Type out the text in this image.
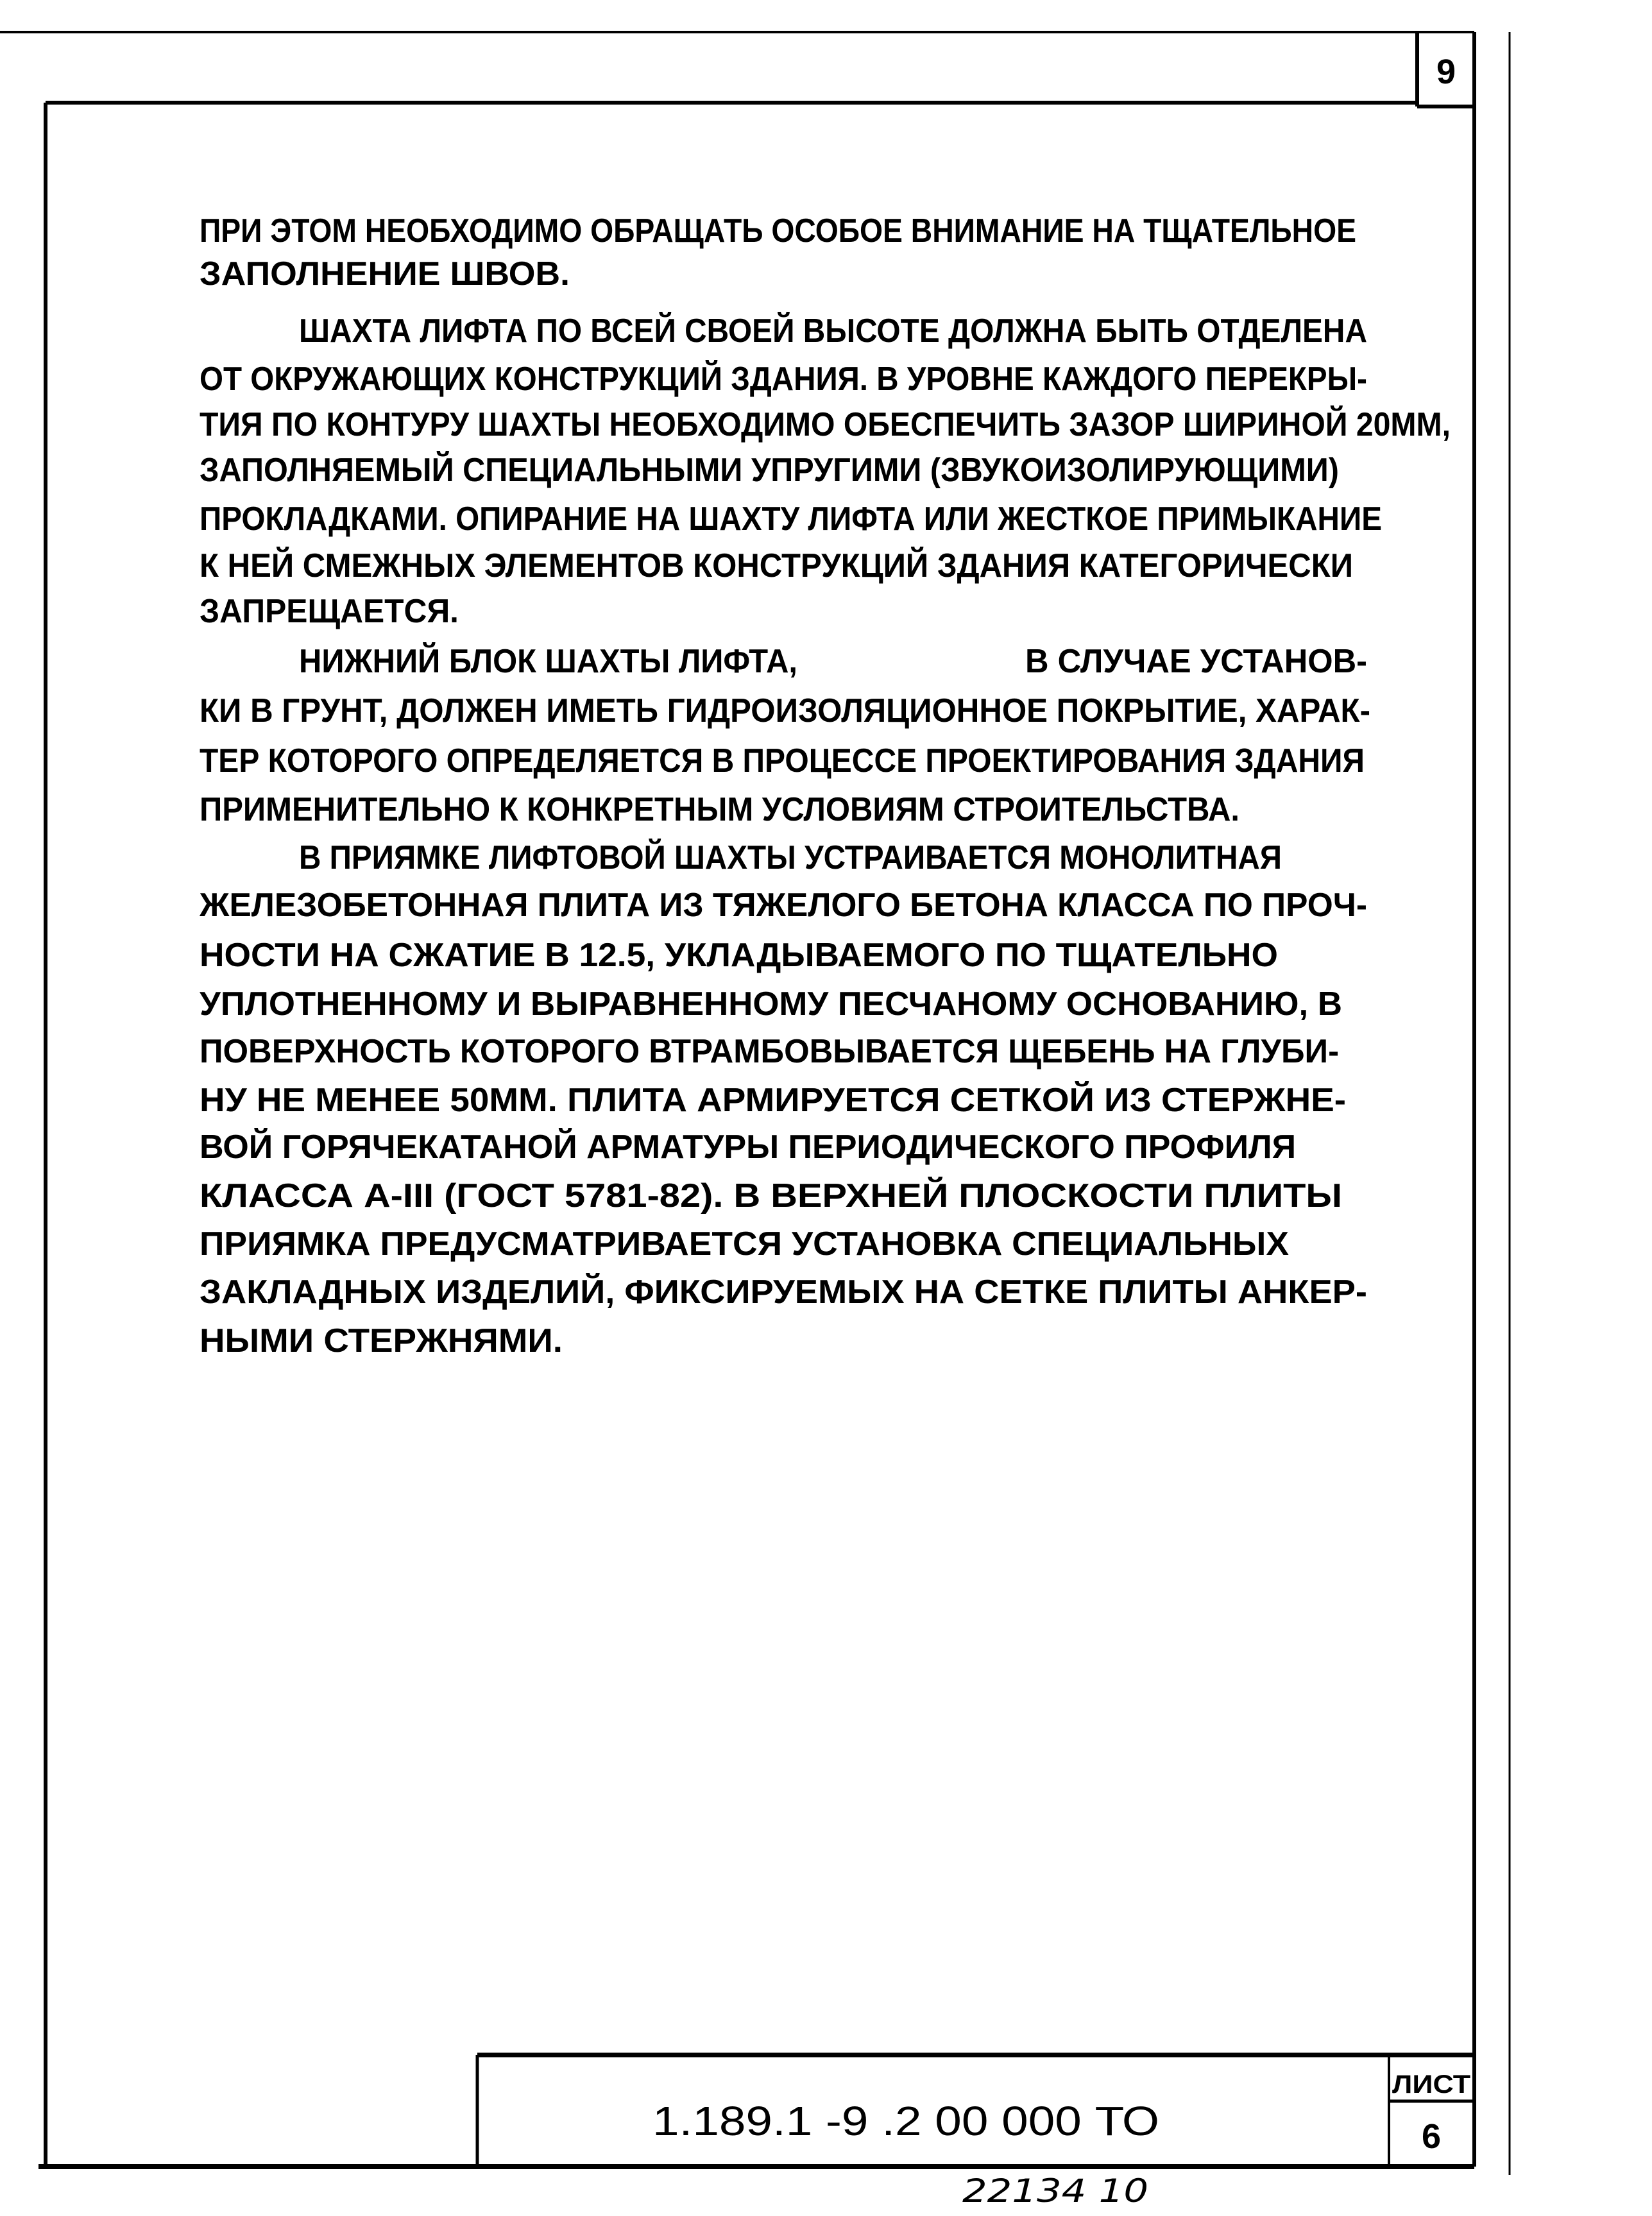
9
ПРИ ЭТОМ НЕОБХОДИМО ОБРАЩАТЬ ОСОБОЕ ВНИМАНИЕ НА ТЩАТЕЛЬНОЕ
ЗАПОЛНЕНИЕ ШВОВ.
ШАХТА ЛИФТА ПО ВСЕЙ СВОЕЙ ВЫСОТЕ ДОЛЖНА БЫТЬ ОТДЕЛЕНА
ОТ ОКРУЖАЮЩИХ КОНСТРУКЦИЙ ЗДАНИЯ. В УРОВНЕ КАЖДОГО ПЕРЕКРЫ-
ТИЯ ПО КОНТУРУ ШАХТЫ НЕОБХОДИМО ОБЕСПЕЧИТЬ ЗАЗОР ШИРИНОЙ 20ММ,
ЗАПОЛНЯЕМЫЙ СПЕЦИАЛЬНЫМИ УПРУГИМИ (ЗВУКОИЗОЛИРУЮЩИМИ)
ПРОКЛАДКАМИ. ОПИРАНИЕ НА ШАХТУ ЛИФТА ИЛИ ЖЕСТКОЕ ПРИМЫКАНИЕ
К НЕЙ СМЕЖНЫХ ЭЛЕМЕНТОВ КОНСТРУКЦИЙ ЗДАНИЯ КАТЕГОРИЧЕСКИ
ЗАПРЕЩАЕТСЯ.
НИЖНИЙ БЛОК ШАХТЫ ЛИФТА,	В СЛУЧАЕ УСТАНОВ-
КИ В ГРУНТ, ДОЛЖЕН ИМЕТЬ ГИДРОИЗОЛЯЦИОННОЕ ПОКРЫТИЕ, ХАРАК-
ТЕР КОТОРОГО ОПРЕДЕЛЯЕТСЯ В ПРОЦЕССЕ ПРОЕКТИРОВАНИЯ ЗДАНИЯ
ПРИМЕНИТЕЛЬНО К КОНКРЕТНЫМ УСЛОВИЯМ СТРОИТЕЛЬСТВА.
В ПРИЯМКЕ ЛИФТОВОЙ ШАХТЫ УСТРАИВАЕТСЯ МОНОЛИТНАЯ
ЖЕЛЕЗОБЕТОННАЯ ПЛИТА ИЗ ТЯЖЕЛОГО БЕТОНА КЛАССА ПО ПРОЧ-
НОСТИ НА СЖАТИЕ В 12.5, УКЛАДЫВАЕМОГО ПО ТЩАТЕЛЬНО
УПЛОТНЕННОМУ И ВЫРАВНЕННОМУ ПЕСЧАНОМУ ОСНОВАНИЮ, В
ПОВЕРХНОСТЬ КОТОРОГО ВТРАМБОВЫВАЕТСЯ ЩЕБЕНЬ НА ГЛУБИ-
НУ НЕ МЕНЕЕ 50ММ. ПЛИТА АРМИРУЕТСЯ СЕТКОЙ ИЗ СТЕРЖНЕ-
ВОЙ ГОРЯЧЕКАТАНОЙ АРМАТУРЫ ПЕРИОДИЧЕСКОГО ПРОФИЛЯ
КЛАССА А-III (ГОСТ 5781-82). В ВЕРХНЕЙ ПЛОСКОСТИ ПЛИТЫ
ПРИЯМКА ПРЕДУСМАТРИВАЕТСЯ УСТАНОВКА СПЕЦИАЛЬНЫХ
ЗАКЛАДНЫХ ИЗДЕЛИЙ, ФИКСИРУЕМЫХ НА СЕТКЕ ПЛИТЫ АНКЕР-
НЫМИ СТЕРЖНЯМИ.
1.189.1 -9 .2 00 000 ТО
ЛИСТ
6
22134 10
